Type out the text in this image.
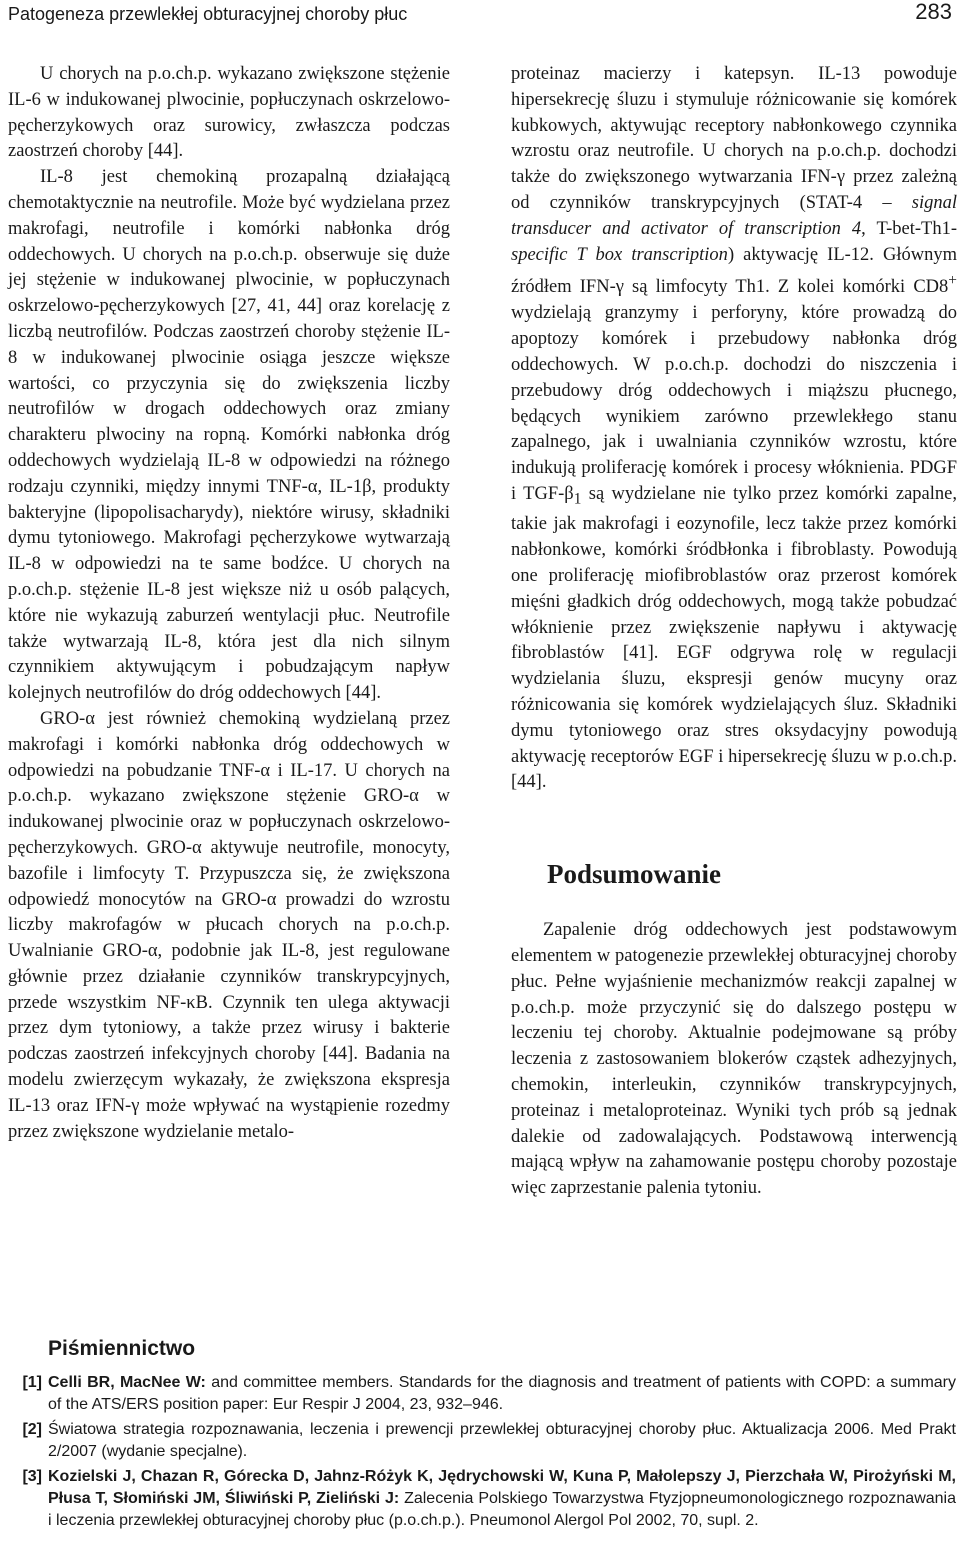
Patogeneza przewlekłej obturacyjnej choroby płuc	283

U chorych na p.o.ch.p. wykazano zwiększone stężenie IL-6 w indukowanej plwocinie, popłuczynach oskrzelowo-pęcherzykowych oraz surowicy, zwłaszcza podczas zaostrzeń choroby [44].

IL-8 jest chemokiną prozapalną działającą chemotaktycznie na neutrofile. Może być wydzielana przez makrofagi, neutrofile i komórki nabłonka dróg oddechowych. U chorych na p.o.ch.p. obserwuje się duże jej stężenie w indukowanej plwocinie, w popłuczynach oskrzelowo-pęcherzykowych [27, 41, 44] oraz korelację z liczbą neutrofilów. Podczas zaostrzeń choroby stężenie IL-8 w indukowanej plwocinie osiąga jeszcze większe wartości, co przyczynia się do zwiększenia liczby neutrofilów w drogach oddechowych oraz zmiany charakteru plwociny na ropną. Komórki nabłonka dróg oddechowych wydzielają IL-8 w odpowiedzi na różnego rodzaju czynniki, między innymi TNF-α, IL-1β, produkty bakteryjne (lipopolisacharydy), niektóre wirusy, składniki dymu tytoniowego. Makrofagi pęcherzykowe wytwarzają IL-8 w odpowiedzi na te same bodźce. U chorych na p.o.ch.p. stężenie IL-8 jest większe niż u osób palących, które nie wykazują zaburzeń wentylacji płuc. Neutrofile także wytwarzają IL-8, która jest dla nich silnym czynnikiem aktywującym i pobudzającym napływ kolejnych neutrofilów do dróg oddechowych [44].

GRO-α jest również chemokiną wydzielaną przez makrofagi i komórki nabłonka dróg oddechowych w odpowiedzi na pobudzanie TNF-α i IL-17. U chorych na p.o.ch.p. wykazano zwiększone stężenie GRO-α w indukowanej plwocinie oraz w popłuczynach oskrzelowo-pęcherzykowych. GRO-α aktywuje neutrofile, monocyty, bazofile i limfocyty T. Przypuszcza się, że zwiększona odpowiedź monocytów na GRO-α prowadzi do wzrostu liczby makrofagów w płucach chorych na p.o.ch.p. Uwalnianie GRO-α, podobnie jak IL-8, jest regulowane głównie przez działanie czynników transkrypcyjnych, przede wszystkim NF-κB. Czynnik ten ulega aktywacji przez dym tytoniowy, a także przez wirusy i bakterie podczas zaostrzeń infekcyjnych choroby [44]. Badania na modelu zwierzęcym wykazały, że zwiększona ekspresja IL-13 oraz IFN-γ może wpływać na wystąpienie rozedmy przez zwiększone wydzielanie metalo-

proteinaz macierzy i katepsyn. IL-13 powoduje hipersekrecję śluzu i stymuluje różnicowanie się komórek kubkowych, aktywując receptory nabłonkowego czynnika wzrostu oraz neutrofile. U chorych na p.o.ch.p. dochodzi także do zwiększonego wytwarzania IFN-γ przez zależną od czynników transkrypcyjnych (STAT-4 – signal transducer and activator of transcription 4, T-bet-Th1-specific T box transcription) aktywację IL-12. Głównym źródłem IFN-γ są limfocyty Th1. Z kolei komórki CD8+ wydzielają granzymy i perforyny, które prowadzą do apoptozy komórek i przebudowy nabłonka dróg oddechowych. W p.o.ch.p. dochodzi do niszczenia i przebudowy dróg oddechowych i miąższu płucnego, będących wynikiem zarówno przewlekłego stanu zapalnego, jak i uwalniania czynników wzrostu, które indukują proliferację komórek i procesy włóknienia. PDGF i TGF-$\beta_1$ są wydzielane nie tylko przez komórki zapalne, takie jak makrofagi i eozynofile, lecz także przez komórki nabłonkowe, komórki śródbłonka i fibroblasty. Powodują one proliferację miofibroblastów oraz przerost komórek mięśni gładkich dróg oddechowych, mogą także pobudzać włóknienie przez zwiększenie napływu i aktywację fibroblastów [41]. EGF odgrywa rolę w regulacji wydzielania śluzu, ekspresji genów mucyny oraz różnicowania się komórek wydzielających śluz. Składniki dymu tytoniowego oraz stres oksydacyjny powodują aktywację receptorów EGF i hipersekrecję śluzu w p.o.ch.p. [44].

Podsumowanie

Zapalenie dróg oddechowych jest podstawowym elementem w patogenezie przewlekłej obturacyjnej choroby płuc. Pełne wyjaśnienie mechanizmów reakcji zapalnej w p.o.ch.p. może przyczynić się do dalszego postępu w leczeniu tej choroby. Aktualnie podejmowane są próby leczenia z zastosowaniem blokerów cząstek adhezyjnych, chemokin, interleukin, czynników transkrypcyjnych, proteinaz i metaloproteinaz. Wyniki tych prób są jednak dalekie od zadowalających. Podstawową interwencją mającą wpływ na zahamowanie postępu choroby pozostaje więc zaprzestanie palenia tytoniu.

Piśmiennictwo
[1] Celli BR, MacNee W: and committee members. Standards for the diagnosis and treatment of patients with COPD: a summary of the ATS/ERS position paper: Eur Respir J 2004, 23, 932–946.
[2] Światowa strategia rozpoznawania, leczenia i prewencji przewlekłej obturacyjnej choroby płuc. Aktualizacja 2006. Med Prakt 2/2007 (wydanie specjalne).
[3] Kozielski J, Chazan R, Górecka D, Jahnz-Różyk K, Jędrychowski W, Kuna P, Małolepszy J, Pierzchała W, Pirożyński M, Płusa T, Słomiński JM, Śliwiński P, Zieliński J: Zalecenia Polskiego Towarzystwa Ftyzjopneumonologicznego rozpoznawania i leczenia przewlekłej obturacyjnej choroby płuc (p.o.ch.p.). Pneumonol Alergol Pol 2002, 70, supl. 2.
